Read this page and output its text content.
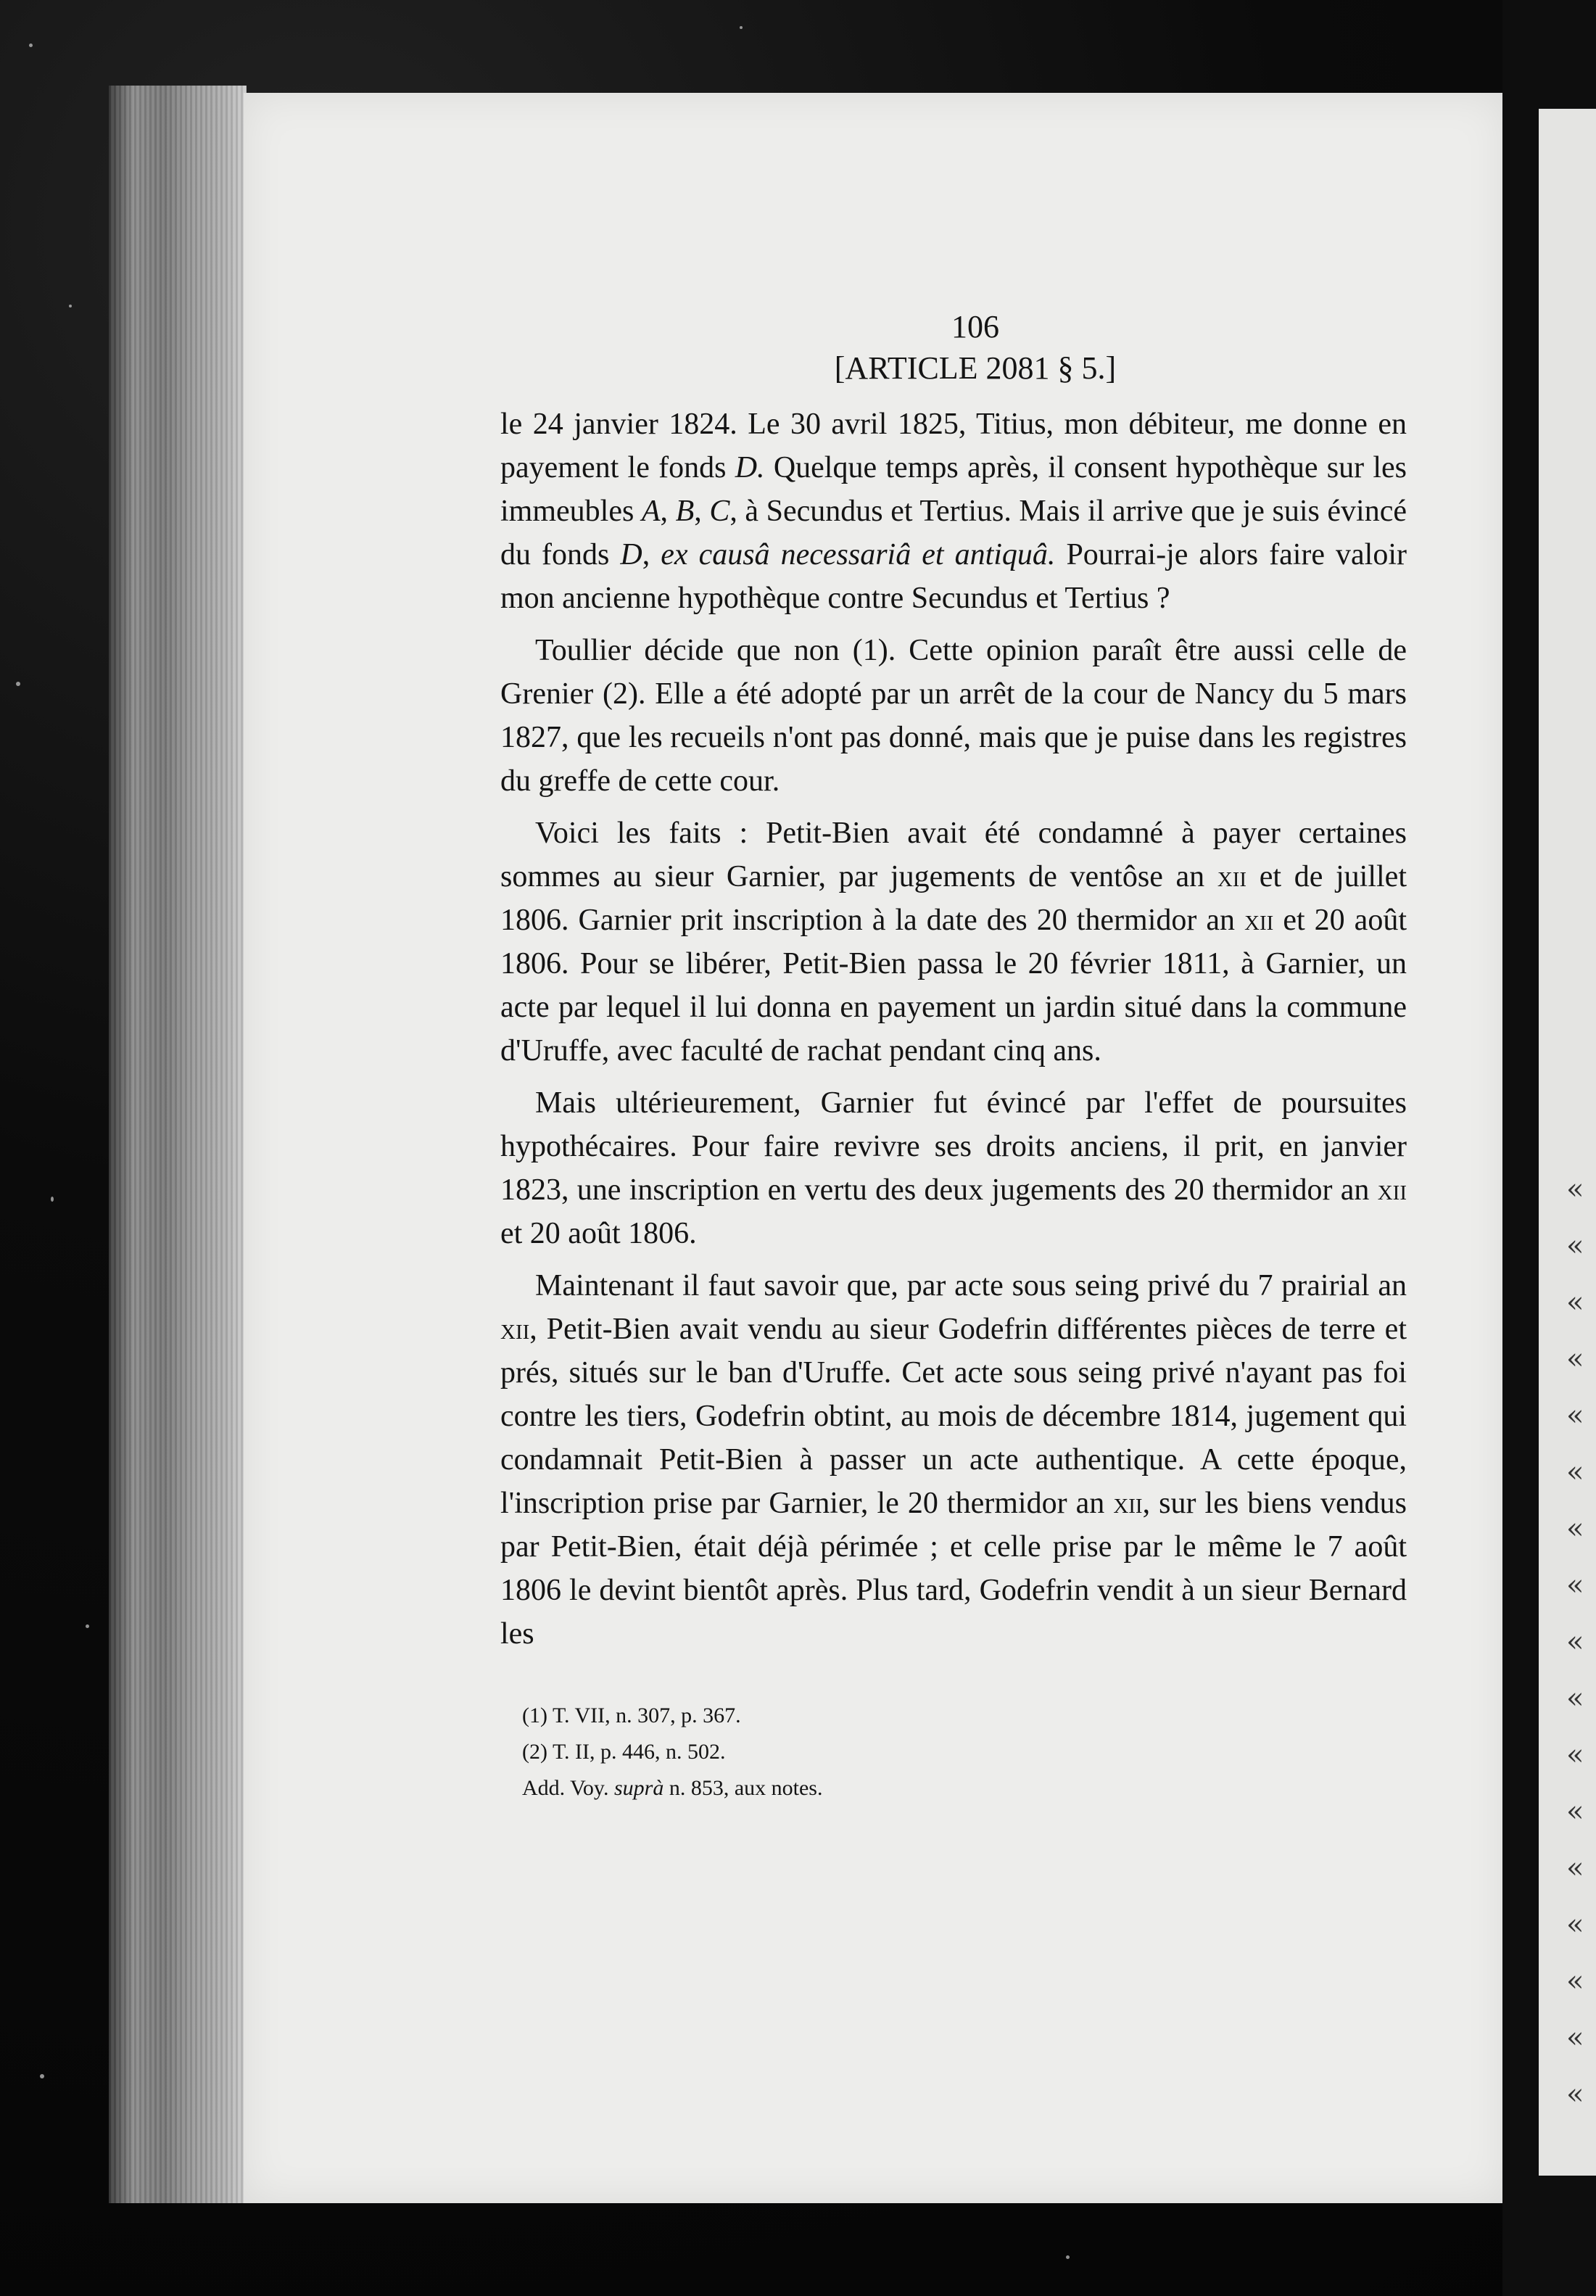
«
«
«
«
«
«
«
«
«
«
«
«
«
«
«
«
«
106
[ARTICLE 2081 § 5.]

le 24 janvier 1824. Le 30 avril 1825, Titius, mon débiteur, me donne en payement le fonds D. Quelque temps après, il consent hypothèque sur les immeubles A, B, C, à Secundus et Tertius. Mais il arrive que je suis évincé du fonds D, ex causâ necessariâ et antiquâ. Pourrai-je alors faire valoir mon ancienne hypothèque contre Secundus et Tertius ?

Toullier décide que non (1). Cette opinion paraît être aussi celle de Grenier (2). Elle a été adopté par un arrêt de la cour de Nancy du 5 mars 1827, que les recueils n'ont pas donné, mais que je puise dans les registres du greffe de cette cour.

Voici les faits : Petit-Bien avait été condamné à payer certaines sommes au sieur Garnier, par jugements de ventôse an xii et de juillet 1806. Garnier prit inscription à la date des 20 thermidor an xii et 20 août 1806. Pour se libérer, Petit-Bien passa le 20 février 1811, à Garnier, un acte par lequel il lui donna en payement un jardin situé dans la commune d'Uruffe, avec faculté de rachat pendant cinq ans.

Mais ultérieurement, Garnier fut évincé par l'effet de poursuites hypothécaires. Pour faire revivre ses droits anciens, il prit, en janvier 1823, une inscription en vertu des deux jugements des 20 thermidor an xii et 20 août 1806.

Maintenant il faut savoir que, par acte sous seing privé du 7 prairial an xii, Petit-Bien avait vendu au sieur Godefrin différentes pièces de terre et prés, situés sur le ban d'Uruffe. Cet acte sous seing privé n'ayant pas foi contre les tiers, Godefrin obtint, au mois de décembre 1814, jugement qui condamnait Petit-Bien à passer un acte authentique. A cette époque, l'inscription prise par Garnier, le 20 thermidor an xii, sur les biens vendus par Petit-Bien, était déjà périmée ; et celle prise par le même le 7 août 1806 le devint bientôt après. Plus tard, Godefrin vendit à un sieur Bernard les

(1) T. VII, n. 307, p. 367.

(2) T. II, p. 446, n. 502.

Add. Voy. suprà n. 853, aux notes.
